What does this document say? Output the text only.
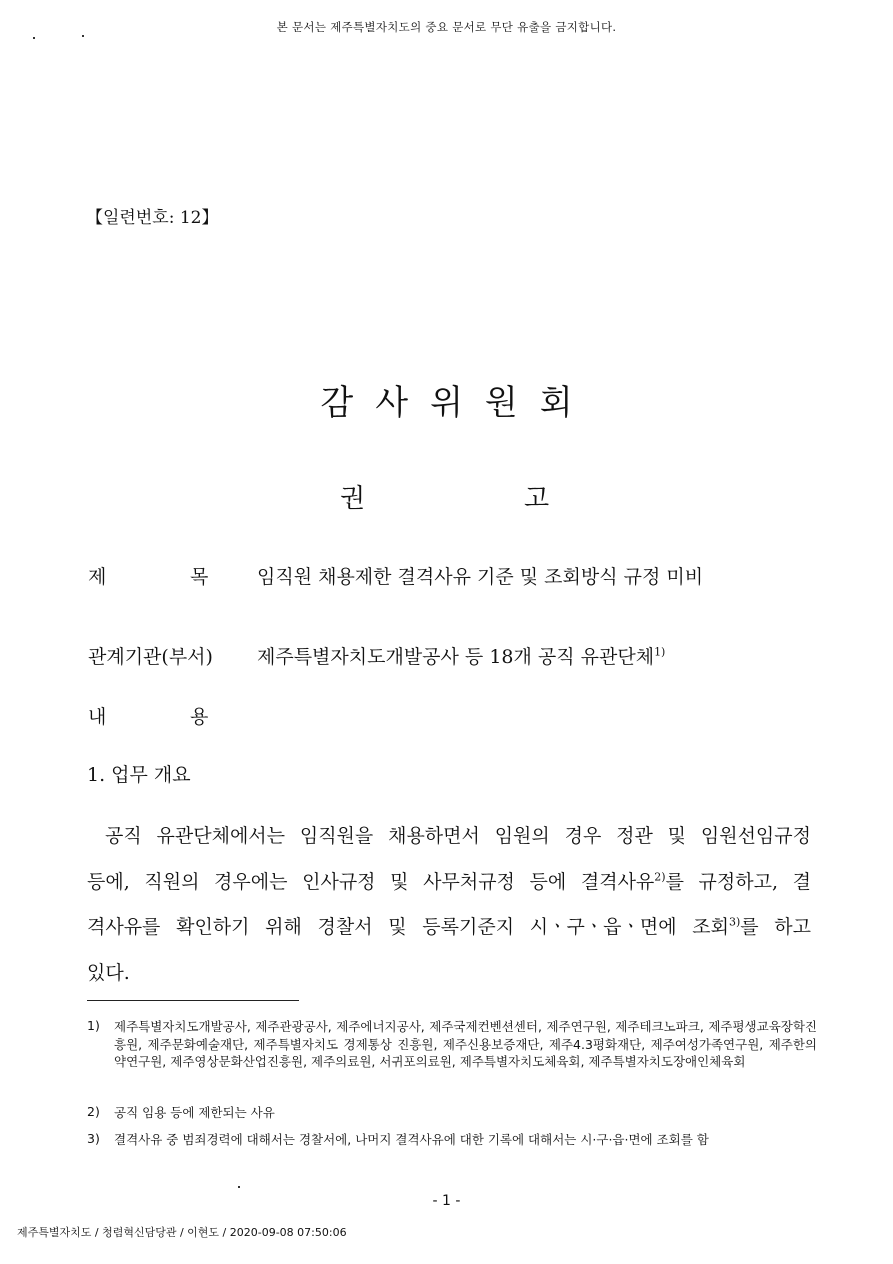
본 문서는 제주특별자치도의 중요 문서로 무단 유출을 금지합니다.
【일련번호: 12】
감사위원회
권	고
제	목	임직원 채용제한 결격사유 기준 및 조회방식 규정 미비
관계기관(부서) 제주특별자치도개발공사 등 18개 공직 유관단체$^{1)}$
내	용
1. 업무 개요
공직 유관단체에서는 임직원을 채용하면서 임원의 경우 정관 및 임원선임규정
등에, 직원의 경우에는 인사규정 및 사무처규정 등에 결격사유$^{2)}$를 규정하고, 결
격사유를 확인하기 위해 경찰서 및 등록기준지 시ㆍ구ㆍ읍ㆍ면에 조회$^{3)}$를 하고
있다.
1) 제주특별자치도개발공사, 제주관광공사, 제주에너지공사, 제주국제컨벤션센터, 제주연구원, 제주테크노파크, 제주평생교육장학진흥원, 제주문화예술재단, 제주특별자치도 경제통상 진흥원, 제주신용보증재단, 제주4.3평화재단, 제주여성가족연구원, 제주한의약연구원, 제주영상문화산업진흥원, 제주의료원, 서귀포의료원, 제주특별자치도체육회, 제주특별자치도장애인체육회
2) 공직 임용 등에 제한되는 사유
3) 결격사유 중 범죄경력에 대해서는 경찰서에, 나머지 결격사유에 대한 기록에 대해서는 시·구·읍·면에 조회를 함
- 1 -
제주특별자치도 / 청렴혁신담당관 / 이현도 / 2020-09-08 07:50:06
